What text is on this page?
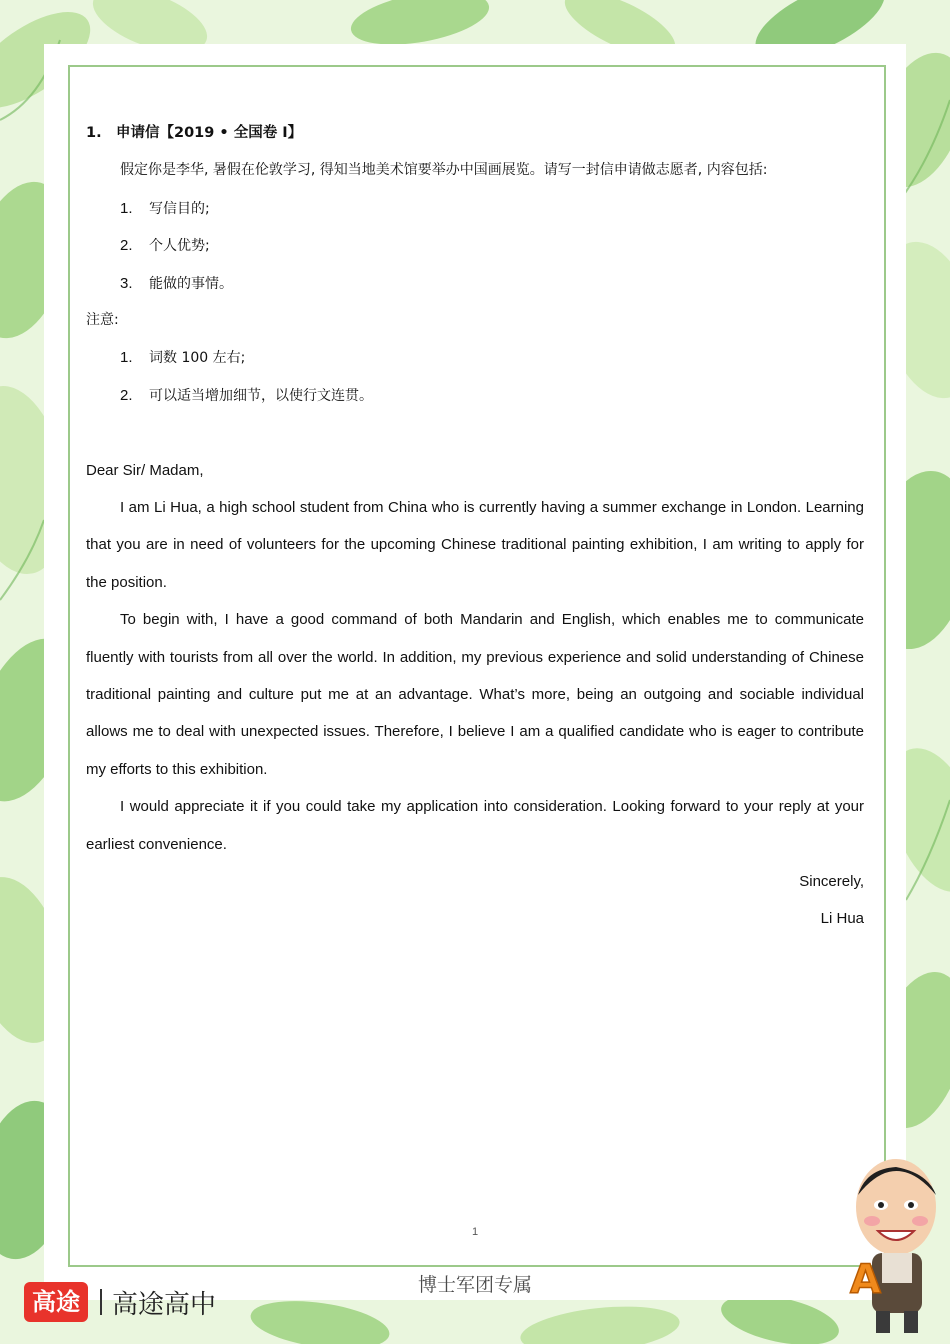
1. 申请信【2019 • 全国卷 I】
假定你是李华, 暑假在伦敦学习, 得知当地美术馆要举办中国画展览。请写一封信申请做志愿者, 内容包括:
1. 写信目的;
2. 个人优势;
3. 能做的事情。
注意:
1. 词数 100 左右;
2. 可以适当增加细节，以使行文连贯。
Dear Sir/ Madam,
I am Li Hua, a high school student from China who is currently having a summer exchange in London. Learning that you are in need of volunteers for the upcoming Chinese traditional painting exhibition, I am writing to apply for the position.
To begin with, I have a good command of both Mandarin and English, which enables me to communicate fluently with tourists from all over the world. In addition, my previous experience and solid understanding of Chinese traditional painting and culture put me at an advantage. What’s more, being an outgoing and sociable individual allows me to deal with unexpected issues. Therefore, I believe I am a qualified candidate who is eager to contribute my efforts to this exhibition.
I would appreciate it if you could take my application into consideration. Looking forward to your reply at your earliest convenience.
Sincerely,
Li Hua
1
博士军团专属
高途	高途高中
A
